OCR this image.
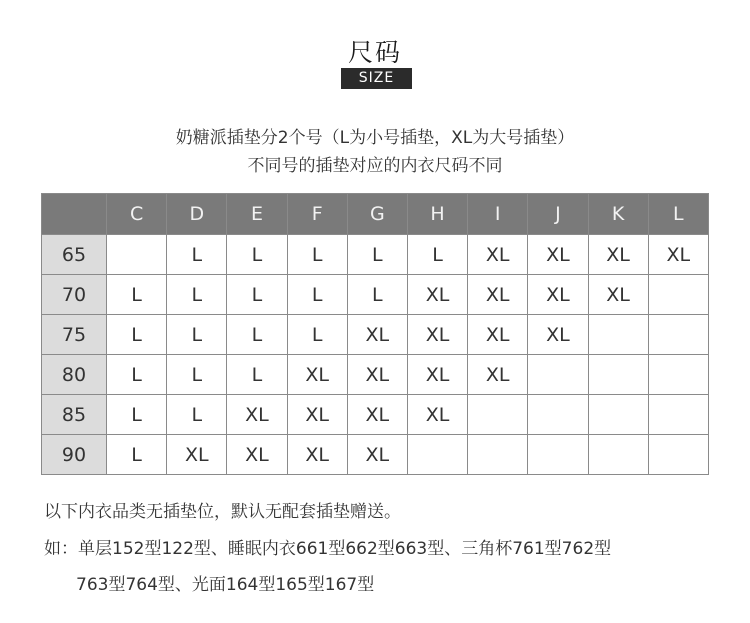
尺码
SIZE
奶糖派插垫分2个号（L为小号插垫，XL为大号插垫）
不同号的插垫对应的内衣尺码不同
	C	D	E	F	G	H	I	J	K	L
65		L	L	L	L	L	XL	XL	XL	XL
70	L	L	L	L	L	XL	XL	XL	XL	
75	L	L	L	L	XL	XL	XL	XL		
80	L	L	L	XL	XL	XL	XL			
85	L	L	XL	XL	XL	XL				
90	L	XL	XL	XL	XL					
以下内衣品类无插垫位，默认无配套插垫赠送。
如：单层152型122型、睡眠内衣661型662型663型、三角杯761型762型
763型764型、光面164型165型167型
